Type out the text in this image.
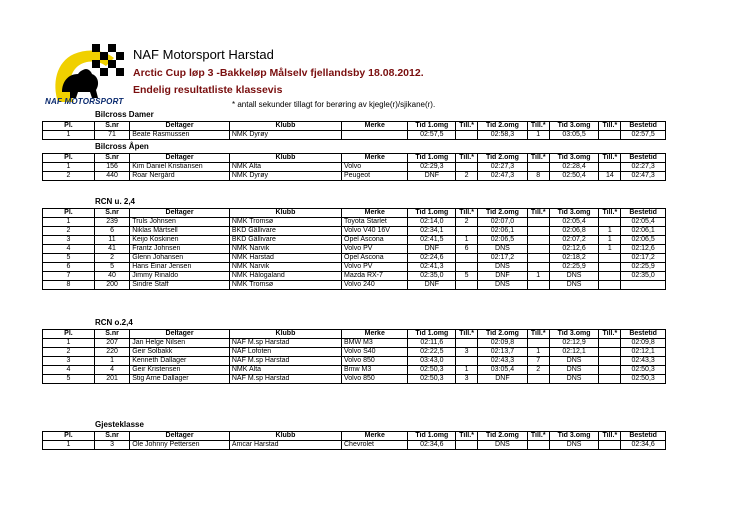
NAF MOTORSPORT
NAF Motorsport Harstad
Arctic Cup løp 3 -Bakkeløp Målselv fjellandsby 18.08.2012.
Endelig resultatliste klassevis
* antall sekunder tillagt for berøring av kjegle(r)/sjikane(r).
Bilcross Damer
Pl.	S.nr	Deltager	Klubb	Merke	Tid 1.omg	Till.*	Tid 2.omg	Till.*	Tid 3.omg	Till.*	Bestetid
1	71	Beate Rasmussen	NMK Dyrøy		02:57,5		02:58,3	1	03:05,5		02:57,5
Bilcross Åpen
Pl.	S.nr	Deltager	Klubb	Merke	Tid 1.omg	Till.*	Tid 2.omg	Till.*	Tid 3.omg	Till.*	Bestetid
1	156	Kim Daniel Kristiansen	NMK Alta	Volvo	02:29,3		02:27,3		02:28,4		02:27,3
2	440	Roar Nergård	NMK Dyrøy	Peugeot	DNF	2	02:47,3	8	02:50,4	14	02:47,3
RCN u. 2,4
Pl.	S.nr	Deltager	Klubb	Merke	Tid 1.omg	Till.*	Tid 2.omg	Till.*	Tid 3.omg	Till.*	Bestetid
1	239	Truls Johnsen	NMK Tromsø	Toyota Starlet	02:14,0	2	02:07,0		02:05,4		02:05,4
2	6	Niklas Mårtsell	BKD Gällivare	Volvo V40 16V	02:34,1		02:06,1		02:06,8	1	02:06,1
3	11	Keijo Koskinen	BKD Gällivare	Opel Ascona	02:41,5	1	02:06,5		02:07,2	1	02:06,5
4	41	Frantz Johnsen	NMK Narvik	Volvo PV	DNF	6	DNS		02:12,6	1	02:12,6
5	2	Glenn Johansen	NMK Harstad	Opel Ascona	02:24,6		02:17,2		02:18,2		02:17,2
6	5	Hans Einar Jensen	NMK Narvik	Volvo PV	02:41,3		DNS		02:25,9		02:25,9
7	40	Jimmy Rinaldo	NMK Hålogaland	Mazda RX-7	02:35,0	5	DNF	1	DNS		02:35,0
8	200	Sindre Staff	NMK Tromsø	Volvo 240	DNF		DNS		DNS		
RCN o.2,4
Pl.	S.nr	Deltager	Klubb	Merke	Tid 1.omg	Till.*	Tid 2.omg	Till.*	Tid 3.omg	Till.*	Bestetid
1	207	Jan Helge Nilsen	NAF M.sp Harstad	BMW M3	02:11,6		02:09,8		02:12,9		02:09,8
2	220	Geir Solbakk	NAF Lofoten	Volvo S40	02:22,5	3	02:13,7	1	02:12,1		02:12,1
3	1	Kenneth Dallager	NAF M.sp Harstad	Volvo 850	03:43,0		02:43,3	7	DNS		02:43,3
4	4	Geir Kristensen	NMK Alta	Bmw M3	02:50,3	1	03:05,4	2	DNS		02:50,3
5	201	Stig Arne Dallager	NAF M.sp Harstad	Volvo 850	02:50,3	3	DNF		DNS		02:50,3
Gjesteklasse
Pl.	S.nr	Deltager	Klubb	Merke	Tid 1.omg	Till.*	Tid 2.omg	Till.*	Tid 3.omg	Till.*	Bestetid
1	3	Ole Johnny Pettersen	Amcar Harstad	Chevrolet	02:34,6		DNS		DNS		02:34,6
